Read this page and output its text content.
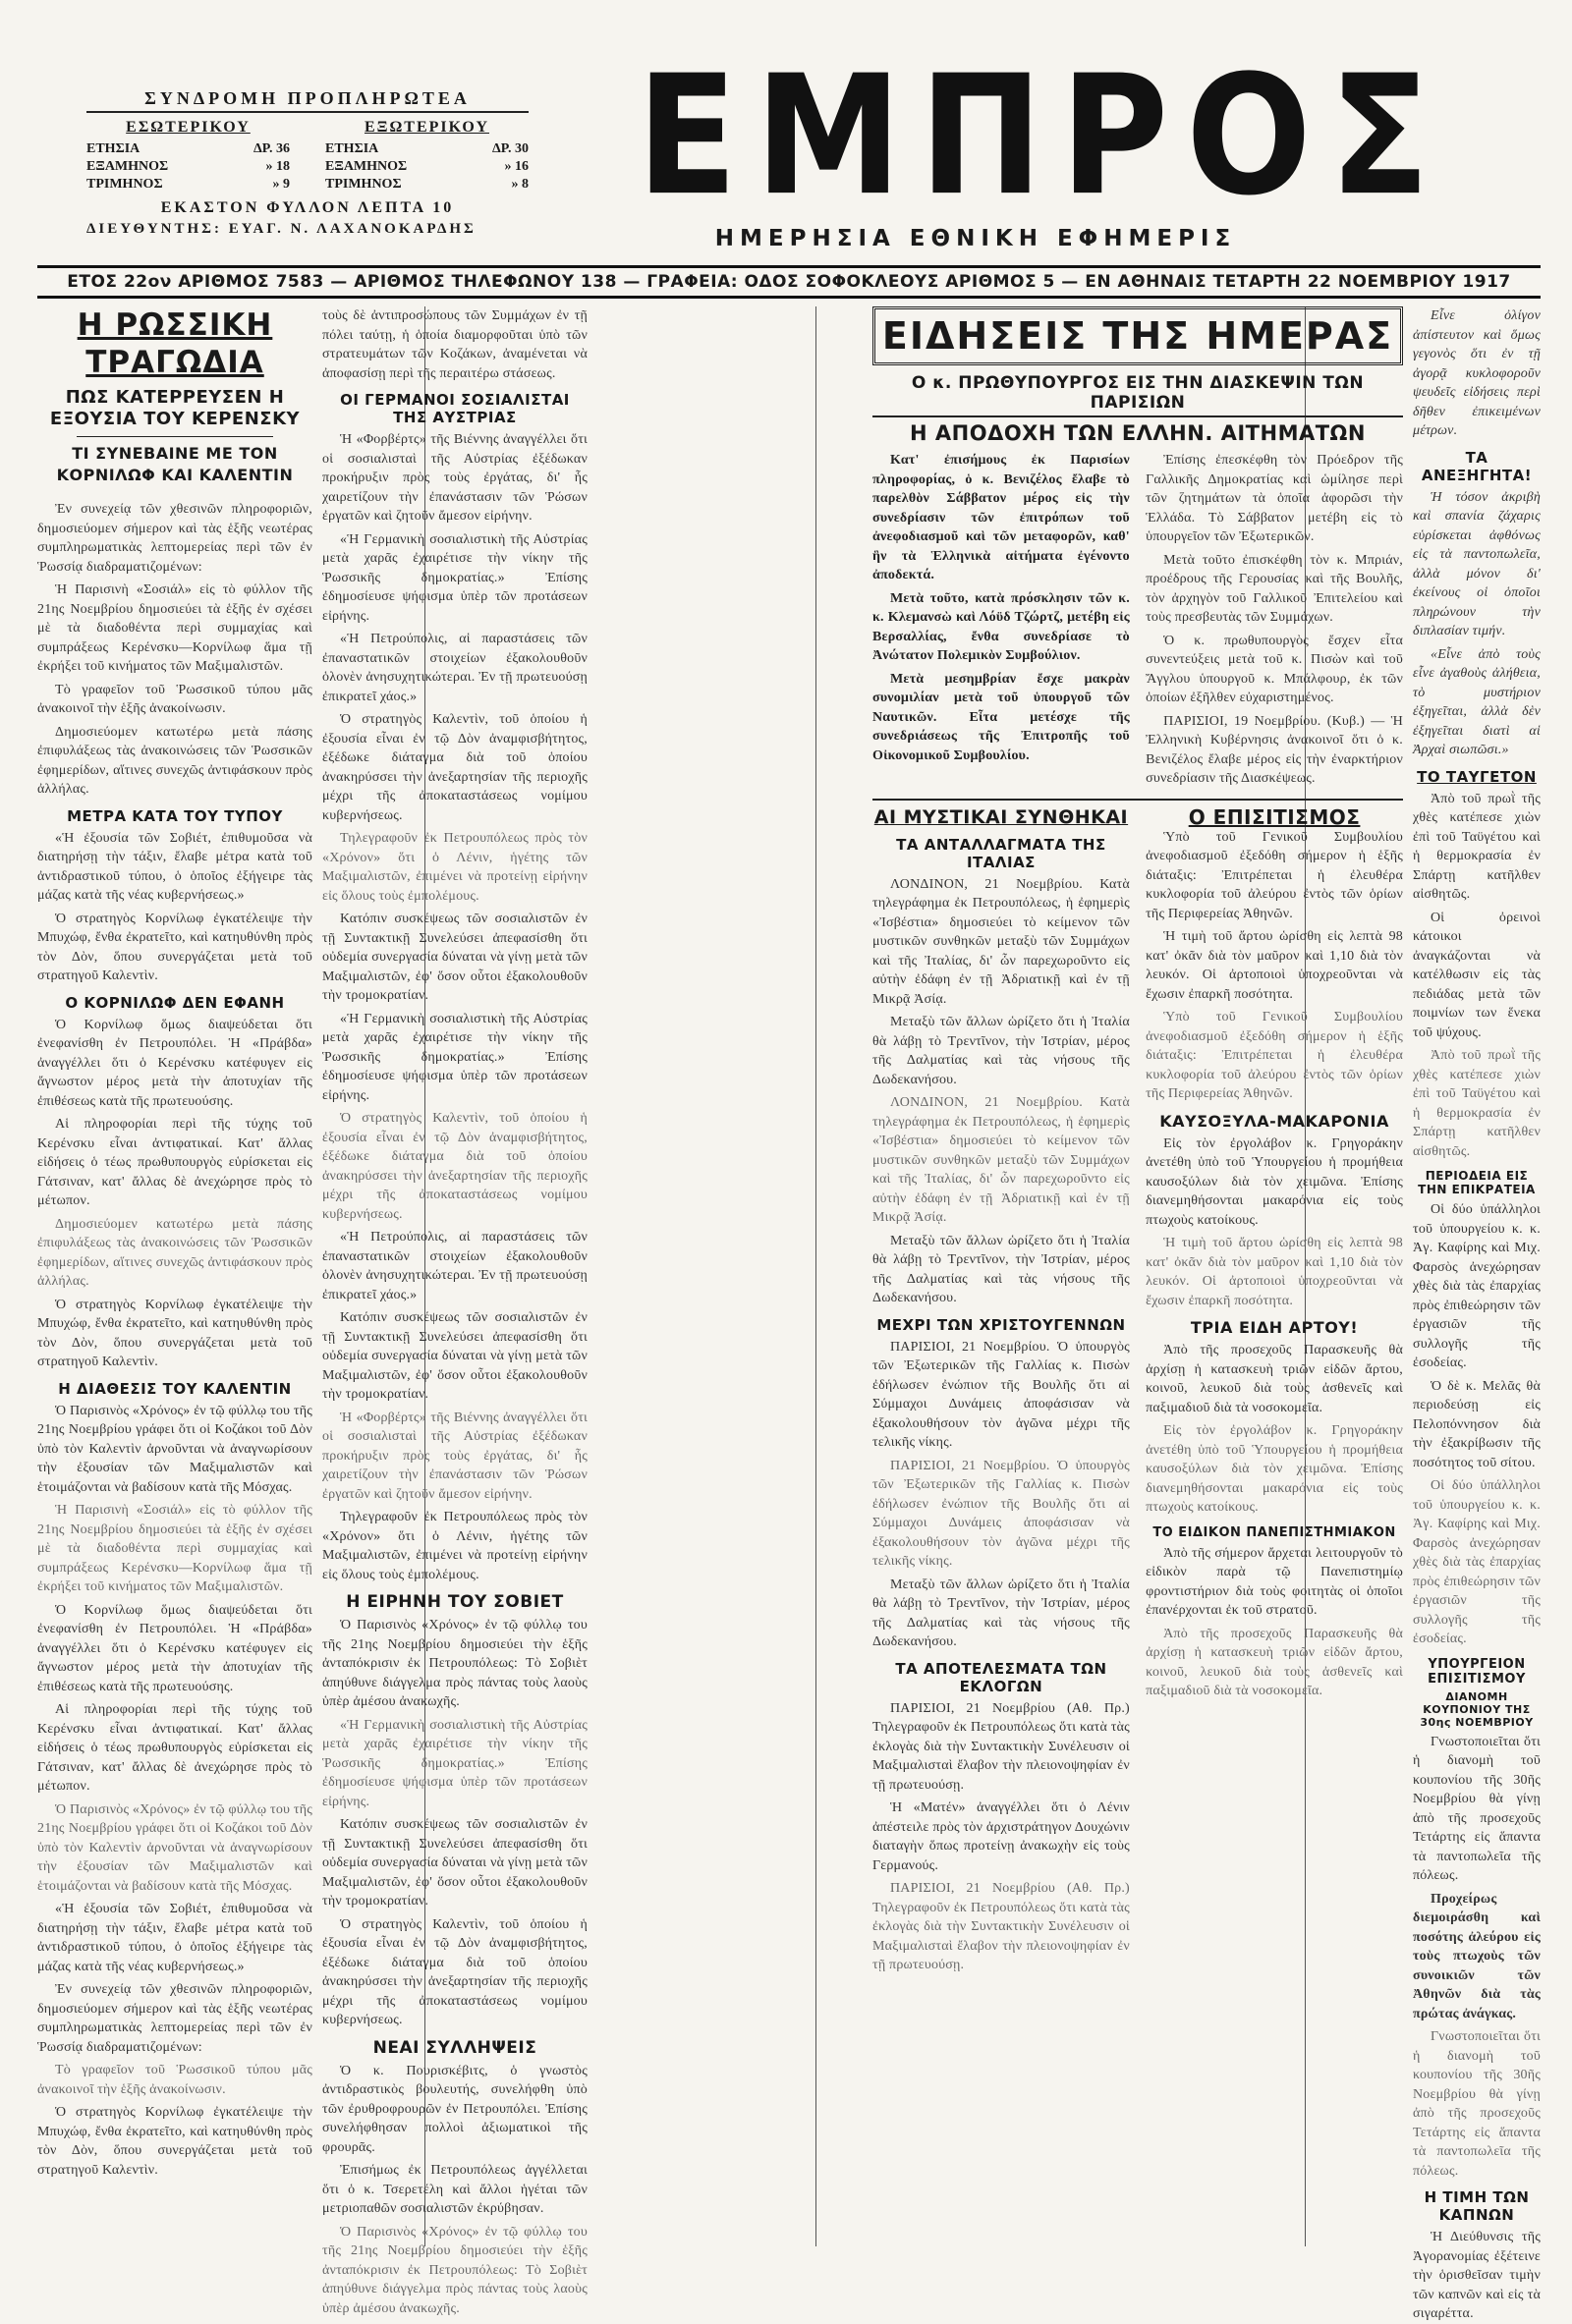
ΣΥΝΔΡΟΜΗ ΠΡΟΠΛΗΡΩΤΕΑ
ΕΣΩΤΕΡΙΚΟΥ
ΕΤΗΣΙΑ	ΔΡ. 36
ΕΞΑΜΗΝΟΣ	» 18
ΤΡΙΜΗΝΟΣ	» 9
ΕΞΩΤΕΡΙΚΟΥ
ΕΤΗΣΙΑ	ΔΡ. 30
ΕΞΑΜΗΝΟΣ	» 16
ΤΡΙΜΗΝΟΣ	» 8
ΕΚΑΣΤΟΝ ΦΥΛΛΟΝ ΛΕΠΤΑ 10
ΔΙΕΥΘΥΝΤΗΣ: ΕΥΑΓ. Ν. ΛΑΧΑΝΟΚΑΡΔΗΣ	ΕΜΠΡΟΣ
ΗΜΕΡΗΣΙΑ ΕΘΝΙΚΗ ΕΦΗΜΕΡΙΣ
ΕΤΟΣ 22ον ΑΡΙΘΜΟΣ 7583 — ΑΡΙΘΜΟΣ ΤΗΛΕΦΩΝΟΥ 138 — ΓΡΑΦΕΙΑ: ΟΔΟΣ ΣΟΦΟΚΛΕΟΥΣ ΑΡΙΘΜΟΣ 5 — ΕΝ ΑΘΗΝΑΙΣ ΤΕΤΑΡΤΗ 22 ΝΟΕΜΒΡΙΟΥ 1917
Η ΡΩΣΣΙΚΗ ΤΡΑΓΩΔΙΑ
ΠΩΣ ΚΑΤΕΡΡΕΥΣΕΝ Η ΕΞΟΥΣΙΑ ΤΟΥ ΚΕΡΕΝΣΚΥ
ΤΙ ΣΥΝΕΒΑΙΝΕ ΜΕ ΤΟΝ ΚΟΡΝΙΛΩΦ ΚΑΙ ΚΑΛΕΝΤΙΝ

Ἐν συνεχείᾳ τῶν χθεσινῶν πληροφοριῶν, δημοσιεύομεν σήμερον καὶ τὰς ἑξῆς νεωτέρας συμπληρωματικὰς λεπτομερείας περὶ τῶν ἐν Ῥωσσίᾳ διαδραματιζομένων:

Ἡ Παρισινὴ «Σοσιάλ» εἰς τὸ φύλλον τῆς 21ης Νοεμβρίου δημοσιεύει τὰ ἑξῆς ἐν σχέσει μὲ τὰ διαδοθέντα περὶ συμμαχίας καὶ συμπράξεως Κερένσκυ—Κορνίλωφ ἅμα τῇ ἐκρήξει τοῦ κινήματος τῶν Μαξιμαλιστῶν.

Τὸ γραφεῖον τοῦ Ῥωσσικοῦ τύπου μᾶς ἀνακοινοῖ τὴν ἑξῆς ἀνακοίνωσιν.

Δημοσιεύομεν κατωτέρω μετὰ πάσης ἐπιφυλάξεως τὰς ἀνακοινώσεις τῶν Ῥωσσικῶν ἐφημερίδων, αἵτινες συνεχῶς ἀντιφάσκουν πρὸς ἀλλήλας.

ΜΕΤΡΑ ΚΑΤΑ ΤΟΥ ΤΥΠΟΥ

«Ἡ ἐξουσία τῶν Σοβιέτ, ἐπιθυμοῦσα νὰ διατηρήσῃ τὴν τάξιν, ἔλαβε μέτρα κατὰ τοῦ ἀντιδραστικοῦ τύπου, ὁ ὁποῖος ἐξήγειρε τὰς μάζας κατὰ τῆς νέας κυβερνήσεως.»

Ὁ στρατηγὸς Κορνίλωφ ἐγκατέλειψε τὴν Μπυχώφ, ἔνθα ἐκρατεῖτο, καὶ κατηυθύνθη πρὸς τὸν Δὸν, ὅπου συνεργάζεται μετὰ τοῦ στρατηγοῦ Καλεντὶν.

Ο ΚΟΡΝΙΛΩΦ ΔΕΝ ΕΦΑΝΗ

Ὁ Κορνίλωφ ὅμως διαψεύδεται ὅτι ἐνεφανίσθη ἐν Πετρουπόλει. Ἡ «Πράβδα» ἀναγγέλλει ὅτι ὁ Κερένσκυ κατέφυγεν εἰς ἄγνωστον μέρος μετὰ τὴν ἀποτυχίαν τῆς ἐπιθέσεως κατὰ τῆς πρωτευούσης.

Αἱ πληροφορίαι περὶ τῆς τύχης τοῦ Κερένσκυ εἶναι ἀντιφατικαί. Κατ' ἄλλας εἰδήσεις ὁ τέως πρωθυπουργὸς εὑρίσκεται εἰς Γάτσιναν, κατ' ἄλλας δὲ ἀνεχώρησε πρὸς τὸ μέτωπον.

Δημοσιεύομεν κατωτέρω μετὰ πάσης ἐπιφυλάξεως τὰς ἀνακοινώσεις τῶν Ῥωσσικῶν ἐφημερίδων, αἵτινες συνεχῶς ἀντιφάσκουν πρὸς ἀλλήλας.

Ὁ στρατηγὸς Κορνίλωφ ἐγκατέλειψε τὴν Μπυχώφ, ἔνθα ἐκρατεῖτο, καὶ κατηυθύνθη πρὸς τὸν Δὸν, ὅπου συνεργάζεται μετὰ τοῦ στρατηγοῦ Καλεντὶν.

Η ΔΙΑΘΕΣΙΣ ΤΟΥ ΚΑΛΕΝΤΙΝ

Ὁ Παρισινὸς «Χρόνος» ἐν τῷ φύλλῳ του τῆς 21ης Νοεμβρίου γράφει ὅτι οἱ Κοζάκοι τοῦ Δὸν ὑπὸ τὸν Καλεντὶν ἀρνοῦνται νὰ ἀναγνωρίσουν τὴν ἐξουσίαν τῶν Μαξιμαλιστῶν καὶ ἑτοιμάζονται νὰ βαδίσουν κατὰ τῆς Μόσχας.

Ἡ Παρισινὴ «Σοσιάλ» εἰς τὸ φύλλον τῆς 21ης Νοεμβρίου δημοσιεύει τὰ ἑξῆς ἐν σχέσει μὲ τὰ διαδοθέντα περὶ συμμαχίας καὶ συμπράξεως Κερένσκυ—Κορνίλωφ ἅμα τῇ ἐκρήξει τοῦ κινήματος τῶν Μαξιμαλιστῶν.

Ὁ Κορνίλωφ ὅμως διαψεύδεται ὅτι ἐνεφανίσθη ἐν Πετρουπόλει. Ἡ «Πράβδα» ἀναγγέλλει ὅτι ὁ Κερένσκυ κατέφυγεν εἰς ἄγνωστον μέρος μετὰ τὴν ἀποτυχίαν τῆς ἐπιθέσεως κατὰ τῆς πρωτευούσης.

Αἱ πληροφορίαι περὶ τῆς τύχης τοῦ Κερένσκυ εἶναι ἀντιφατικαί. Κατ' ἄλλας εἰδήσεις ὁ τέως πρωθυπουργὸς εὑρίσκεται εἰς Γάτσιναν, κατ' ἄλλας δὲ ἀνεχώρησε πρὸς τὸ μέτωπον.

Ὁ Παρισινὸς «Χρόνος» ἐν τῷ φύλλῳ του τῆς 21ης Νοεμβρίου γράφει ὅτι οἱ Κοζάκοι τοῦ Δὸν ὑπὸ τὸν Καλεντὶν ἀρνοῦνται νὰ ἀναγνωρίσουν τὴν ἐξουσίαν τῶν Μαξιμαλιστῶν καὶ ἑτοιμάζονται νὰ βαδίσουν κατὰ τῆς Μόσχας.

«Ἡ ἐξουσία τῶν Σοβιέτ, ἐπιθυμοῦσα νὰ διατηρήσῃ τὴν τάξιν, ἔλαβε μέτρα κατὰ τοῦ ἀντιδραστικοῦ τύπου, ὁ ὁποῖος ἐξήγειρε τὰς μάζας κατὰ τῆς νέας κυβερνήσεως.»

Ἐν συνεχείᾳ τῶν χθεσινῶν πληροφοριῶν, δημοσιεύομεν σήμερον καὶ τὰς ἑξῆς νεωτέρας συμπληρωματικὰς λεπτομερείας περὶ τῶν ἐν Ῥωσσίᾳ διαδραματιζομένων:

Τὸ γραφεῖον τοῦ Ῥωσσικοῦ τύπου μᾶς ἀνακοινοῖ τὴν ἑξῆς ἀνακοίνωσιν.

Ὁ στρατηγὸς Κορνίλωφ ἐγκατέλειψε τὴν Μπυχώφ, ἔνθα ἐκρατεῖτο, καὶ κατηυθύνθη πρὸς τὸν Δὸν, ὅπου συνεργάζεται μετὰ τοῦ στρατηγοῦ Καλεντὶν.

τοὺς δὲ ἀντιπροσώπους τῶν Συμμάχων ἐν τῇ πόλει ταύτῃ, ἡ ὁποία διαμορφοῦται ὑπὸ τῶν στρατευμάτων τῶν Κοζάκων, ἀναμένεται νὰ ἀποφασίσῃ περὶ τῆς περαιτέρω στάσεως.

ΟΙ ΓΕΡΜΑΝΟΙ ΣΟΣΙΑΛΙΣΤΑΙ ΤΗΣ ΑΥΣΤΡΙΑΣ

Ἡ «Φορβέρτς» τῆς Βιέννης ἀναγγέλλει ὅτι οἱ σοσιαλισταὶ τῆς Αὐστρίας ἐξέδωκαν προκήρυξιν πρὸς τοὺς ἐργάτας, δι' ἧς χαιρετίζουν τὴν ἐπανάστασιν τῶν Ῥώσων ἐργατῶν καὶ ζητοῦν ἄμεσον εἰρήνην.

«Ἡ Γερμανικὴ σοσιαλιστικὴ τῆς Αὐστρίας μετὰ χαρᾶς ἐχαιρέτισε τὴν νίκην τῆς Ῥωσσικῆς δημοκρατίας.» Ἐπίσης ἐδημοσίευσε ψήφισμα ὑπὲρ τῶν προτάσεων εἰρήνης.

«Ἡ Πετρούπολις, αἱ παραστάσεις τῶν ἐπαναστατικῶν στοιχείων ἐξακολουθοῦν ὁλονὲν ἀνησυχητικώτεραι. Ἐν τῇ πρωτευούσῃ ἐπικρατεῖ χάος.»

Ὁ στρατηγὸς Καλεντὶν, τοῦ ὁποίου ἡ ἐξουσία εἶναι ἐν τῷ Δὸν ἀναμφισβήτητος, ἐξέδωκε διάταγμα διὰ τοῦ ὁποίου ἀνακηρύσσει τὴν ἀνεξαρτησίαν τῆς περιοχῆς μέχρι τῆς ἀποκαταστάσεως νομίμου κυβερνήσεως.

Τηλεγραφοῦν ἐκ Πετρουπόλεως πρὸς τὸν «Χρόνον» ὅτι ὁ Λένιν, ἡγέτης τῶν Μαξιμαλιστῶν, ἐπιμένει νὰ προτείνῃ εἰρήνην εἰς ὅλους τοὺς ἐμπολέμους.

Κατόπιν συσκέψεως τῶν σοσιαλιστῶν ἐν τῇ Συντακτικῇ Συνελεύσει ἀπεφασίσθη ὅτι οὐδεμία συνεργασία δύναται νὰ γίνῃ μετὰ τῶν Μαξιμαλιστῶν, ἐφ' ὅσον οὗτοι ἐξακολουθοῦν τὴν τρομοκρατίαν.

«Ἡ Γερμανικὴ σοσιαλιστικὴ τῆς Αὐστρίας μετὰ χαρᾶς ἐχαιρέτισε τὴν νίκην τῆς Ῥωσσικῆς δημοκρατίας.» Ἐπίσης ἐδημοσίευσε ψήφισμα ὑπὲρ τῶν προτάσεων εἰρήνης.

Ὁ στρατηγὸς Καλεντὶν, τοῦ ὁποίου ἡ ἐξουσία εἶναι ἐν τῷ Δὸν ἀναμφισβήτητος, ἐξέδωκε διάταγμα διὰ τοῦ ὁποίου ἀνακηρύσσει τὴν ἀνεξαρτησίαν τῆς περιοχῆς μέχρι τῆς ἀποκαταστάσεως νομίμου κυβερνήσεως.

«Ἡ Πετρούπολις, αἱ παραστάσεις τῶν ἐπαναστατικῶν στοιχείων ἐξακολουθοῦν ὁλονὲν ἀνησυχητικώτεραι. Ἐν τῇ πρωτευούσῃ ἐπικρατεῖ χάος.»

Κατόπιν συσκέψεως τῶν σοσιαλιστῶν ἐν τῇ Συντακτικῇ Συνελεύσει ἀπεφασίσθη ὅτι οὐδεμία συνεργασία δύναται νὰ γίνῃ μετὰ τῶν Μαξιμαλιστῶν, ἐφ' ὅσον οὗτοι ἐξακολουθοῦν τὴν τρομοκρατίαν.

Ἡ «Φορβέρτς» τῆς Βιέννης ἀναγγέλλει ὅτι οἱ σοσιαλισταὶ τῆς Αὐστρίας ἐξέδωκαν προκήρυξιν πρὸς τοὺς ἐργάτας, δι' ἧς χαιρετίζουν τὴν ἐπανάστασιν τῶν Ῥώσων ἐργατῶν καὶ ζητοῦν ἄμεσον εἰρήνην.

Τηλεγραφοῦν ἐκ Πετρουπόλεως πρὸς τὸν «Χρόνον» ὅτι ὁ Λένιν, ἡγέτης τῶν Μαξιμαλιστῶν, ἐπιμένει νὰ προτείνῃ εἰρήνην εἰς ὅλους τοὺς ἐμπολέμους.

Η ΕΙΡΗΝΗ ΤΟΥ ΣΟΒΙΕΤ

Ὁ Παρισινὸς «Χρόνος» ἐν τῷ φύλλῳ του τῆς 21ης Νοεμβρίου δημοσιεύει τὴν ἑξῆς ἀνταπόκρισιν ἐκ Πετρουπόλεως: Τὸ Σοβιὲτ ἀπηύθυνε διάγγελμα πρὸς πάντας τοὺς λαοὺς ὑπὲρ ἀμέσου ἀνακωχῆς.

«Ἡ Γερμανικὴ σοσιαλιστικὴ τῆς Αὐστρίας μετὰ χαρᾶς ἐχαιρέτισε τὴν νίκην τῆς Ῥωσσικῆς δημοκρατίας.» Ἐπίσης ἐδημοσίευσε ψήφισμα ὑπὲρ τῶν προτάσεων εἰρήνης.

Κατόπιν συσκέψεως τῶν σοσιαλιστῶν ἐν τῇ Συντακτικῇ Συνελεύσει ἀπεφασίσθη ὅτι οὐδεμία συνεργασία δύναται νὰ γίνῃ μετὰ τῶν Μαξιμαλιστῶν, ἐφ' ὅσον οὗτοι ἐξακολουθοῦν τὴν τρομοκρατίαν.

Ὁ στρατηγὸς Καλεντὶν, τοῦ ὁποίου ἡ ἐξουσία εἶναι ἐν τῷ Δὸν ἀναμφισβήτητος, ἐξέδωκε διάταγμα διὰ τοῦ ὁποίου ἀνακηρύσσει τὴν ἀνεξαρτησίαν τῆς περιοχῆς μέχρι τῆς ἀποκαταστάσεως νομίμου κυβερνήσεως.

ΝΕΑΙ ΣΥΛΛΗΨΕΙΣ

Ὁ κ. Πουρισκέβιτς, ὁ γνωστὸς ἀντιδραστικὸς βουλευτής, συνελήφθη ὑπὸ τῶν ἐρυθροφρουρῶν ἐν Πετρουπόλει. Ἐπίσης συνελήφθησαν πολλοὶ ἀξιωματικοὶ τῆς φρουρᾶς.

Ἐπισήμως ἐκ Πετρουπόλεως ἀγγέλλεται ὅτι ὁ κ. Τσερετέλη καὶ ἄλλοι ἡγέται τῶν μετριοπαθῶν σοσιαλιστῶν ἐκρύβησαν.

Ὁ Παρισινὸς «Χρόνος» ἐν τῷ φύλλῳ του τῆς 21ης Νοεμβρίου δημοσιεύει τὴν ἑξῆς ἀνταπόκρισιν ἐκ Πετρουπόλεως: Τὸ Σοβιὲτ ἀπηύθυνε διάγγελμα πρὸς πάντας τοὺς λαοὺς ὑπὲρ ἀμέσου ἀνακωχῆς.

ΕΙΔΗΣΕΙΣ ΤΗΣ ΗΜΕΡΑΣ
Ο κ. ΠΡΩΘΥΠΟΥΡΓΟΣ ΕΙΣ ΤΗΝ ΔΙΑΣΚΕΨΙΝ ΤΩΝ ΠΑΡΙΣΙΩΝ
Η ΑΠΟΔΟΧΗ ΤΩΝ ΕΛΛΗΝ. ΑΙΤΗΜΑΤΩΝ

Κατ' ἐπισήμους ἐκ Παρισίων πληροφορίας, ὁ κ. Βενιζέλος ἔλαβε τὸ παρελθὸν Σάββατον μέρος εἰς τὴν συνεδρίασιν τῶν ἐπιτρόπων τοῦ ἀνεφοδιασμοῦ καὶ τῶν μεταφορῶν, καθ' ἣν τὰ Ἑλληνικὰ αἰτήματα ἐγένοντο ἀποδεκτά.

Μετὰ τοῦτο, κατὰ πρόσκλησιν τῶν κ. κ. Κλεμανσὼ καὶ Λόϋδ Τζώρτζ, μετέβη εἰς Βερσαλλίας, ἔνθα συνεδρίασε τὸ Ἀνώτατον Πολεμικὸν Συμβούλιον.

Μετὰ μεσημβρίαν ἔσχε μακρὰν συνομιλίαν μετὰ τοῦ ὑπουργοῦ τῶν Ναυτικῶν. Εἶτα μετέσχε τῆς συνεδριάσεως τῆς Ἐπιτροπῆς τοῦ Οἰκονομικοῦ Συμβουλίου.

Ἐπίσης ἐπεσκέφθη τὸν Πρόεδρον τῆς Γαλλικῆς Δημοκρατίας καὶ ὡμίλησε περὶ τῶν ζητημάτων τὰ ὁποῖα ἀφορῶσι τὴν Ἑλλάδα. Τὸ Σάββατον μετέβη εἰς τὸ ὑπουργεῖον τῶν Ἐξωτερικῶν.

Μετὰ τοῦτο ἐπισκέφθη τὸν κ. Μπριάν, προέδρους τῆς Γερουσίας καὶ τῆς Βουλῆς, τὸν ἀρχηγὸν τοῦ Γαλλικοῦ Ἐπιτελείου καὶ τοὺς πρεσβευτὰς τῶν Συμμάχων.

Ὁ κ. πρωθυπουργὸς ἔσχεν εἶτα συνεντεύξεις μετὰ τοῦ κ. Πισὼν καὶ τοῦ Ἄγγλου ὑπουργοῦ κ. Μπάλφουρ, ἐκ τῶν ὁποίων ἐξῆλθεν εὐχαριστημένος.

ΠΑΡΙΣΙΟΙ, 19 Νοεμβρίου. (Κυβ.) — Ἡ Ἐλληνικὴ Κυβέρνησις ἀνακοινοῖ ὅτι ὁ κ. Βενιζέλος ἔλαβε μέρος εἰς τὴν ἐναρκτήριον συνεδρίασιν τῆς Διασκέψεως.

ΑΙ ΜΥΣΤΙΚΑΙ ΣΥΝΘΗΚΑΙ
ΤΑ ΑΝΤΑΛΛΑΓΜΑΤΑ ΤΗΣ ΙΤΑΛΙΑΣ

ΛΟΝΔΙΝΟΝ, 21 Νοεμβρίου. Κατὰ τηλεγράφημα ἐκ Πετρουπόλεως, ἡ ἐφημερὶς «Ἰσβέστια» δημοσιεύει τὸ κείμενον τῶν μυστικῶν συνθηκῶν μεταξὺ τῶν Συμμάχων καὶ τῆς Ἰταλίας, δι' ὧν παρεχωροῦντο εἰς αὐτὴν ἐδάφη ἐν τῇ Ἀδριατικῇ καὶ ἐν τῇ Μικρᾷ Ἀσίᾳ.

Μεταξὺ τῶν ἄλλων ὡρίζετο ὅτι ἡ Ἰταλία θὰ λάβῃ τὸ Τρεντῖνον, τὴν Ἰστρίαν, μέρος τῆς Δαλματίας καὶ τὰς νήσους τῆς Δωδεκανήσου.

ΛΟΝΔΙΝΟΝ, 21 Νοεμβρίου. Κατὰ τηλεγράφημα ἐκ Πετρουπόλεως, ἡ ἐφημερὶς «Ἰσβέστια» δημοσιεύει τὸ κείμενον τῶν μυστικῶν συνθηκῶν μεταξὺ τῶν Συμμάχων καὶ τῆς Ἰταλίας, δι' ὧν παρεχωροῦντο εἰς αὐτὴν ἐδάφη ἐν τῇ Ἀδριατικῇ καὶ ἐν τῇ Μικρᾷ Ἀσίᾳ.

Μεταξὺ τῶν ἄλλων ὡρίζετο ὅτι ἡ Ἰταλία θὰ λάβῃ τὸ Τρεντῖνον, τὴν Ἰστρίαν, μέρος τῆς Δαλματίας καὶ τὰς νήσους τῆς Δωδεκανήσου.

ΜΕΧΡΙ ΤΩΝ ΧΡΙΣΤΟΥΓΕΝΝΩΝ

ΠΑΡΙΣΙΟΙ, 21 Νοεμβρίου. Ὁ ὑπουργὸς τῶν Ἐξωτερικῶν τῆς Γαλλίας κ. Πισὼν ἐδήλωσεν ἐνώπιον τῆς Βουλῆς ὅτι αἱ Σύμμαχοι Δυνάμεις ἀποφάσισαν νὰ ἐξακολουθήσουν τὸν ἀγῶνα μέχρι τῆς τελικῆς νίκης.

ΠΑΡΙΣΙΟΙ, 21 Νοεμβρίου. Ὁ ὑπουργὸς τῶν Ἐξωτερικῶν τῆς Γαλλίας κ. Πισὼν ἐδήλωσεν ἐνώπιον τῆς Βουλῆς ὅτι αἱ Σύμμαχοι Δυνάμεις ἀποφάσισαν νὰ ἐξακολουθήσουν τὸν ἀγῶνα μέχρι τῆς τελικῆς νίκης.

Μεταξὺ τῶν ἄλλων ὡρίζετο ὅτι ἡ Ἰταλία θὰ λάβῃ τὸ Τρεντῖνον, τὴν Ἰστρίαν, μέρος τῆς Δαλματίας καὶ τὰς νήσους τῆς Δωδεκανήσου.

ΤΑ ΑΠΟΤΕΛΕΣΜΑΤΑ ΤΩΝ ΕΚΛΟΓΩΝ

ΠΑΡΙΣΙΟΙ, 21 Νοεμβρίου (Αθ. Πρ.) Τηλεγραφοῦν ἐκ Πετρουπόλεως ὅτι κατὰ τὰς ἐκλογὰς διὰ τὴν Συντακτικὴν Συνέλευσιν οἱ Μαξιμαλισταὶ ἔλαβον τὴν πλειονοψηφίαν ἐν τῇ πρωτευούσῃ.

Ἡ «Ματέν» ἀναγγέλλει ὅτι ὁ Λένιν ἀπέστειλε πρὸς τὸν ἀρχιστράτηγον Δουχώνιν διαταγὴν ὅπως προτείνῃ ἀνακωχὴν εἰς τοὺς Γερμανούς.

ΠΑΡΙΣΙΟΙ, 21 Νοεμβρίου (Αθ. Πρ.) Τηλεγραφοῦν ἐκ Πετρουπόλεως ὅτι κατὰ τὰς ἐκλογὰς διὰ τὴν Συντακτικὴν Συνέλευσιν οἱ Μαξιμαλισταὶ ἔλαβον τὴν πλειονοψηφίαν ἐν τῇ πρωτευούσῃ.

Ο ΕΠΙΣΙΤΙΣΜΟΣ

Ὑπὸ τοῦ Γενικοῦ Συμβουλίου ἀνεφοδιασμοῦ ἐξεδόθη σήμερον ἡ ἑξῆς διάταξις: Ἐπιτρέπεται ἡ ἐλευθέρα κυκλοφορία τοῦ ἀλεύρου ἐντὸς τῶν ὁρίων τῆς Περιφερείας Ἀθηνῶν.

Ἡ τιμὴ τοῦ ἄρτου ὡρίσθη εἰς λεπτὰ 98 κατ' ὀκᾶν διὰ τὸν μαῦρον καὶ 1,10 διὰ τὸν λευκόν. Οἱ ἀρτοποιοὶ ὑποχρεοῦνται νὰ ἔχωσιν ἐπαρκῆ ποσότητα.

Ὑπὸ τοῦ Γενικοῦ Συμβουλίου ἀνεφοδιασμοῦ ἐξεδόθη σήμερον ἡ ἑξῆς διάταξις: Ἐπιτρέπεται ἡ ἐλευθέρα κυκλοφορία τοῦ ἀλεύρου ἐντὸς τῶν ὁρίων τῆς Περιφερείας Ἀθηνῶν.

ΚΑΥΣΟΞΥΛΑ-ΜΑΚΑΡΟΝΙΑ

Εἰς τὸν ἐργολάβον κ. Γρηγοράκην ἀνετέθη ὑπὸ τοῦ Ὑπουργείου ἡ προμήθεια καυσοξύλων διὰ τὸν χειμῶνα. Ἐπίσης διανεμηθήσονται μακαρόνια εἰς τοὺς πτωχοὺς κατοίκους.

Ἡ τιμὴ τοῦ ἄρτου ὡρίσθη εἰς λεπτὰ 98 κατ' ὀκᾶν διὰ τὸν μαῦρον καὶ 1,10 διὰ τὸν λευκόν. Οἱ ἀρτοποιοὶ ὑποχρεοῦνται νὰ ἔχωσιν ἐπαρκῆ ποσότητα.

ΤΡΙΑ ΕΙΔΗ ΑΡΤΟΥ!

Ἀπὸ τῆς προσεχοῦς Παρασκευῆς θὰ ἀρχίσῃ ἡ κατασκευὴ τριῶν εἰδῶν ἄρτου, κοινοῦ, λευκοῦ διὰ τοὺς ἀσθενεῖς καὶ παξιμαδιοῦ διὰ τὰ νοσοκομεῖα.

Εἰς τὸν ἐργολάβον κ. Γρηγοράκην ἀνετέθη ὑπὸ τοῦ Ὑπουργείου ἡ προμήθεια καυσοξύλων διὰ τὸν χειμῶνα. Ἐπίσης διανεμηθήσονται μακαρόνια εἰς τοὺς πτωχοὺς κατοίκους.

ΤΟ ΕΙΔΙΚΟΝ ΠΑΝΕΠΙΣΤΗΜΙΑΚΟΝ

Ἀπὸ τῆς σήμερον ἄρχεται λειτουργοῦν τὸ εἰδικὸν παρὰ τῷ Πανεπιστημίῳ φροντιστήριον διὰ τοὺς φοιτητὰς οἱ ὁποῖοι ἐπανέρχονται ἐκ τοῦ στρατοῦ.

Ἀπὸ τῆς προσεχοῦς Παρασκευῆς θὰ ἀρχίσῃ ἡ κατασκευὴ τριῶν εἰδῶν ἄρτου, κοινοῦ, λευκοῦ διὰ τοὺς ἀσθενεῖς καὶ παξιμαδιοῦ διὰ τὰ νοσοκομεῖα.

Εἶνε ὀλίγον ἀπίστευτον καὶ ὅμως γεγονὸς ὅτι ἐν τῇ ἀγορᾷ κυκλοφοροῦν ψευδεῖς εἰδήσεις περὶ δῆθεν ἐπικειμένων μέτρων.

ΤΑ ΑΝΕΞΗΓΗΤΑ!

Ἡ τόσον ἀκριβὴ καὶ σπανία ζάχαρις εὑρίσκεται ἀφθόνως εἰς τὰ παντοπωλεῖα, ἀλλὰ μόνον δι' ἐκείνους οἱ ὁποῖοι πληρώνουν τὴν διπλασίαν τιμήν.

«Εἶνε ἀπὸ τοὺς εἶνε ἀγαθοὺς ἀλήθεια, τὸ μυστήριον ἐξηγεῖται, ἀλλὰ δὲν ἐξηγεῖται διατὶ αἱ Ἀρχαὶ σιωπῶσι.»

ΤΟ ΤΑΥΓΕΤΟΝ

Ἀπὸ τοῦ πρωῒ τῆς χθὲς κατέπεσε χιὼν ἐπὶ τοῦ Ταϋγέτου καὶ ἡ θερμοκρασία ἐν Σπάρτῃ κατῆλθεν αἰσθητῶς.

Οἱ ὀρεινοὶ κάτοικοι ἀναγκάζονται νὰ κατέλθωσιν εἰς τὰς πεδιάδας μετὰ τῶν ποιμνίων των ἕνεκα τοῦ ψύχους.

Ἀπὸ τοῦ πρωῒ τῆς χθὲς κατέπεσε χιὼν ἐπὶ τοῦ Ταϋγέτου καὶ ἡ θερμοκρασία ἐν Σπάρτῃ κατῆλθεν αἰσθητῶς.

ΠΕΡΙΟΔΕΙΑ ΕΙΣ ΤΗΝ ΕΠΙΚΡΑΤΕΙΑ

Οἱ δύο ὑπάλληλοι τοῦ ὑπουργείου κ. κ. Ἀγ. Καφίρης καὶ Μιχ. Φαρσὸς ἀνεχώρησαν χθὲς διὰ τὰς ἐπαρχίας πρὸς ἐπιθεώρησιν τῶν ἐργασιῶν τῆς συλλογῆς τῆς ἐσοδείας.

Ὁ δὲ κ. Μελᾶς θὰ περιοδεύσῃ εἰς Πελοπόννησον διὰ τὴν ἐξακρίβωσιν τῆς ποσότητος τοῦ σίτου.

Οἱ δύο ὑπάλληλοι τοῦ ὑπουργείου κ. κ. Ἀγ. Καφίρης καὶ Μιχ. Φαρσὸς ἀνεχώρησαν χθὲς διὰ τὰς ἐπαρχίας πρὸς ἐπιθεώρησιν τῶν ἐργασιῶν τῆς συλλογῆς τῆς ἐσοδείας.

ΥΠΟΥΡΓΕΙΟΝ ΕΠΙΣΙΤΙΣΜΟΥ
ΔΙΑΝΟΜΗ ΚΟΥΠΟΝΙΟΥ ΤΗΣ 30ης ΝΟΕΜΒΡΙΟΥ

Γνωστοποιεῖται ὅτι ἡ διανομὴ τοῦ κουπονίου τῆς 30ῆς Νοεμβρίου θὰ γίνῃ ἀπὸ τῆς προσεχοῦς Τετάρτης εἰς ἅπαντα τὰ παντοπωλεῖα τῆς πόλεως.

Προχείρως διεμοιράσθη καὶ ποσότης ἀλεύρου εἰς τοὺς πτωχοὺς τῶν συνοικιῶν τῶν Ἀθηνῶν διὰ τὰς πρώτας ἀνάγκας.

Γνωστοποιεῖται ὅτι ἡ διανομὴ τοῦ κουπονίου τῆς 30ῆς Νοεμβρίου θὰ γίνῃ ἀπὸ τῆς προσεχοῦς Τετάρτης εἰς ἅπαντα τὰ παντοπωλεῖα τῆς πόλεως.

Η ΤΙΜΗ ΤΩΝ ΚΑΠΝΩΝ

Ἡ Διεύθυνσις τῆς Ἀγορανομίας ἐξέτεινε τὴν ὁρισθεῖσαν τιμὴν τῶν καπνῶν καὶ εἰς τὰ σιγαρέττα.
